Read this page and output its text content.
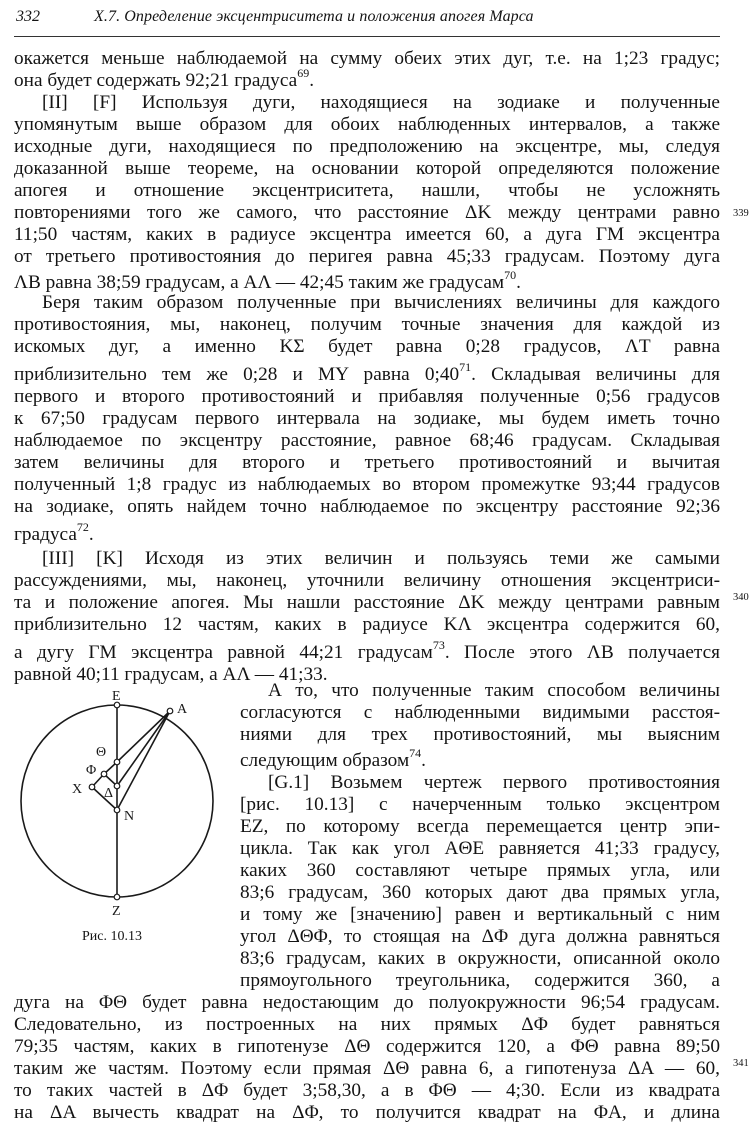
332	X.7. Определение эксцентриситета и положения апогея Марса
окажется меньше наблюдаемой на сумму обеих этих дуг, т.е. на 1;23 градус;
она будет содержать 92;21 градуса$^{69}$.
[II] [F] Используя дуги, находящиеся на зодиаке и полученные
упомянутым выше образом для обоих наблюденных интервалов, а также
исходные дуги, находящиеся по предположению на эксцентре, мы, следуя
доказанной выше теореме, на основании которой определяются положение
апогея и отношение эксцентриситета, нашли, чтобы не усложнять
повторениями того же самого, что расстояние ΔK между центрами равно
11;50 частям, каких в радиусе эксцентра имеется 60, а дуга ΓM эксцентра
от третьего противостояния до перигея равна 45;33 градусам. Поэтому дуга
ΛB равна 38;59 градусам, а AΛ — 42;45 таким же градусам$^{70}$.
339
Беря таким образом полученные при вычислениях величины для каждого
противостояния, мы, наконец, получим точные значения для каждой из
искомых дуг, а именно KΣ будет равна 0;28 градусов, ΛT равна
приблизительно тем же 0;28 и MY равна $0;40^{71}$. Складывая величины для
первого и второго противостояний и прибавляя полученные 0;56 градусов
к 67;50 градусам первого интервала на зодиаке, мы будем иметь точно
наблюдаемое по эксцентру расстояние, равное 68;46 градусам. Складывая
затем величины для второго и третьего противостояний и вычитая
полученный 1;8 градус из наблюдаемых во втором промежутке 93;44 градусов
на зодиаке, опять найдем точно наблюдаемое по эксцентру расстояние 92;36
градуса$^{72}$.
[III] [K] Исходя из этих величин и пользуясь теми же самыми
рассуждениями, мы, наконец, уточнили величину отношения эксцентриси-
та и положение апогея. Мы нашли расстояние ΔK между центрами равным
приблизительно 12 частям, каких в радиусе KΛ эксцентра содержится 60,
а дугу ΓM эксцентра равной 44;21 градусам$^{73}$. После этого ΛB получается
равной 40;11 градусам, а AΛ — 41;33.
340
E
A
Θ
Φ
X Δ
N
Z
Рис. 10.13
А то, что полученные таким способом величины
согласуются с наблюденными видимыми расстоя-
ниями для трех противостояний, мы выясним
следующим образом$^{74}$.
[G.1] Возьмем чертеж первого противостояния
[рис. 10.13] с начерченным только эксцентром
EZ, по которому всегда перемещается центр эпи-
цикла. Так как угол AΘE равняется 41;33 градусу,
каких 360 составляют четыре прямых угла, или
83;6 градусам, 360 которых дают два прямых угла,
и тому же [значению] равен и вертикальный с ним
угол ΔΘΦ, то стоящая на ΔΦ дуга должна равняться
83;6 градусам, каких в окружности, описанной около
прямоугольного треугольника, содержится 360, а
дуга на ΦΘ будет равна недостающим до полуокружности 96;54 градусам.
Следовательно, из построенных на них прямых ΔΦ будет равняться
79;35 частям, каких в гипотенузе ΔΘ содержится 120, а ΦΘ равна 89;50
таким же частям. Поэтому если прямая ΔΘ равна 6, а гипотенуза ΔA — 60,
то таких частей в ΔΦ будет 3;58,30, а в ΦΘ — 4;30. Если из квадрата
на ΔA вычесть квадрат на ΔΦ, то получится квадрат на ΦA, и длина
341
